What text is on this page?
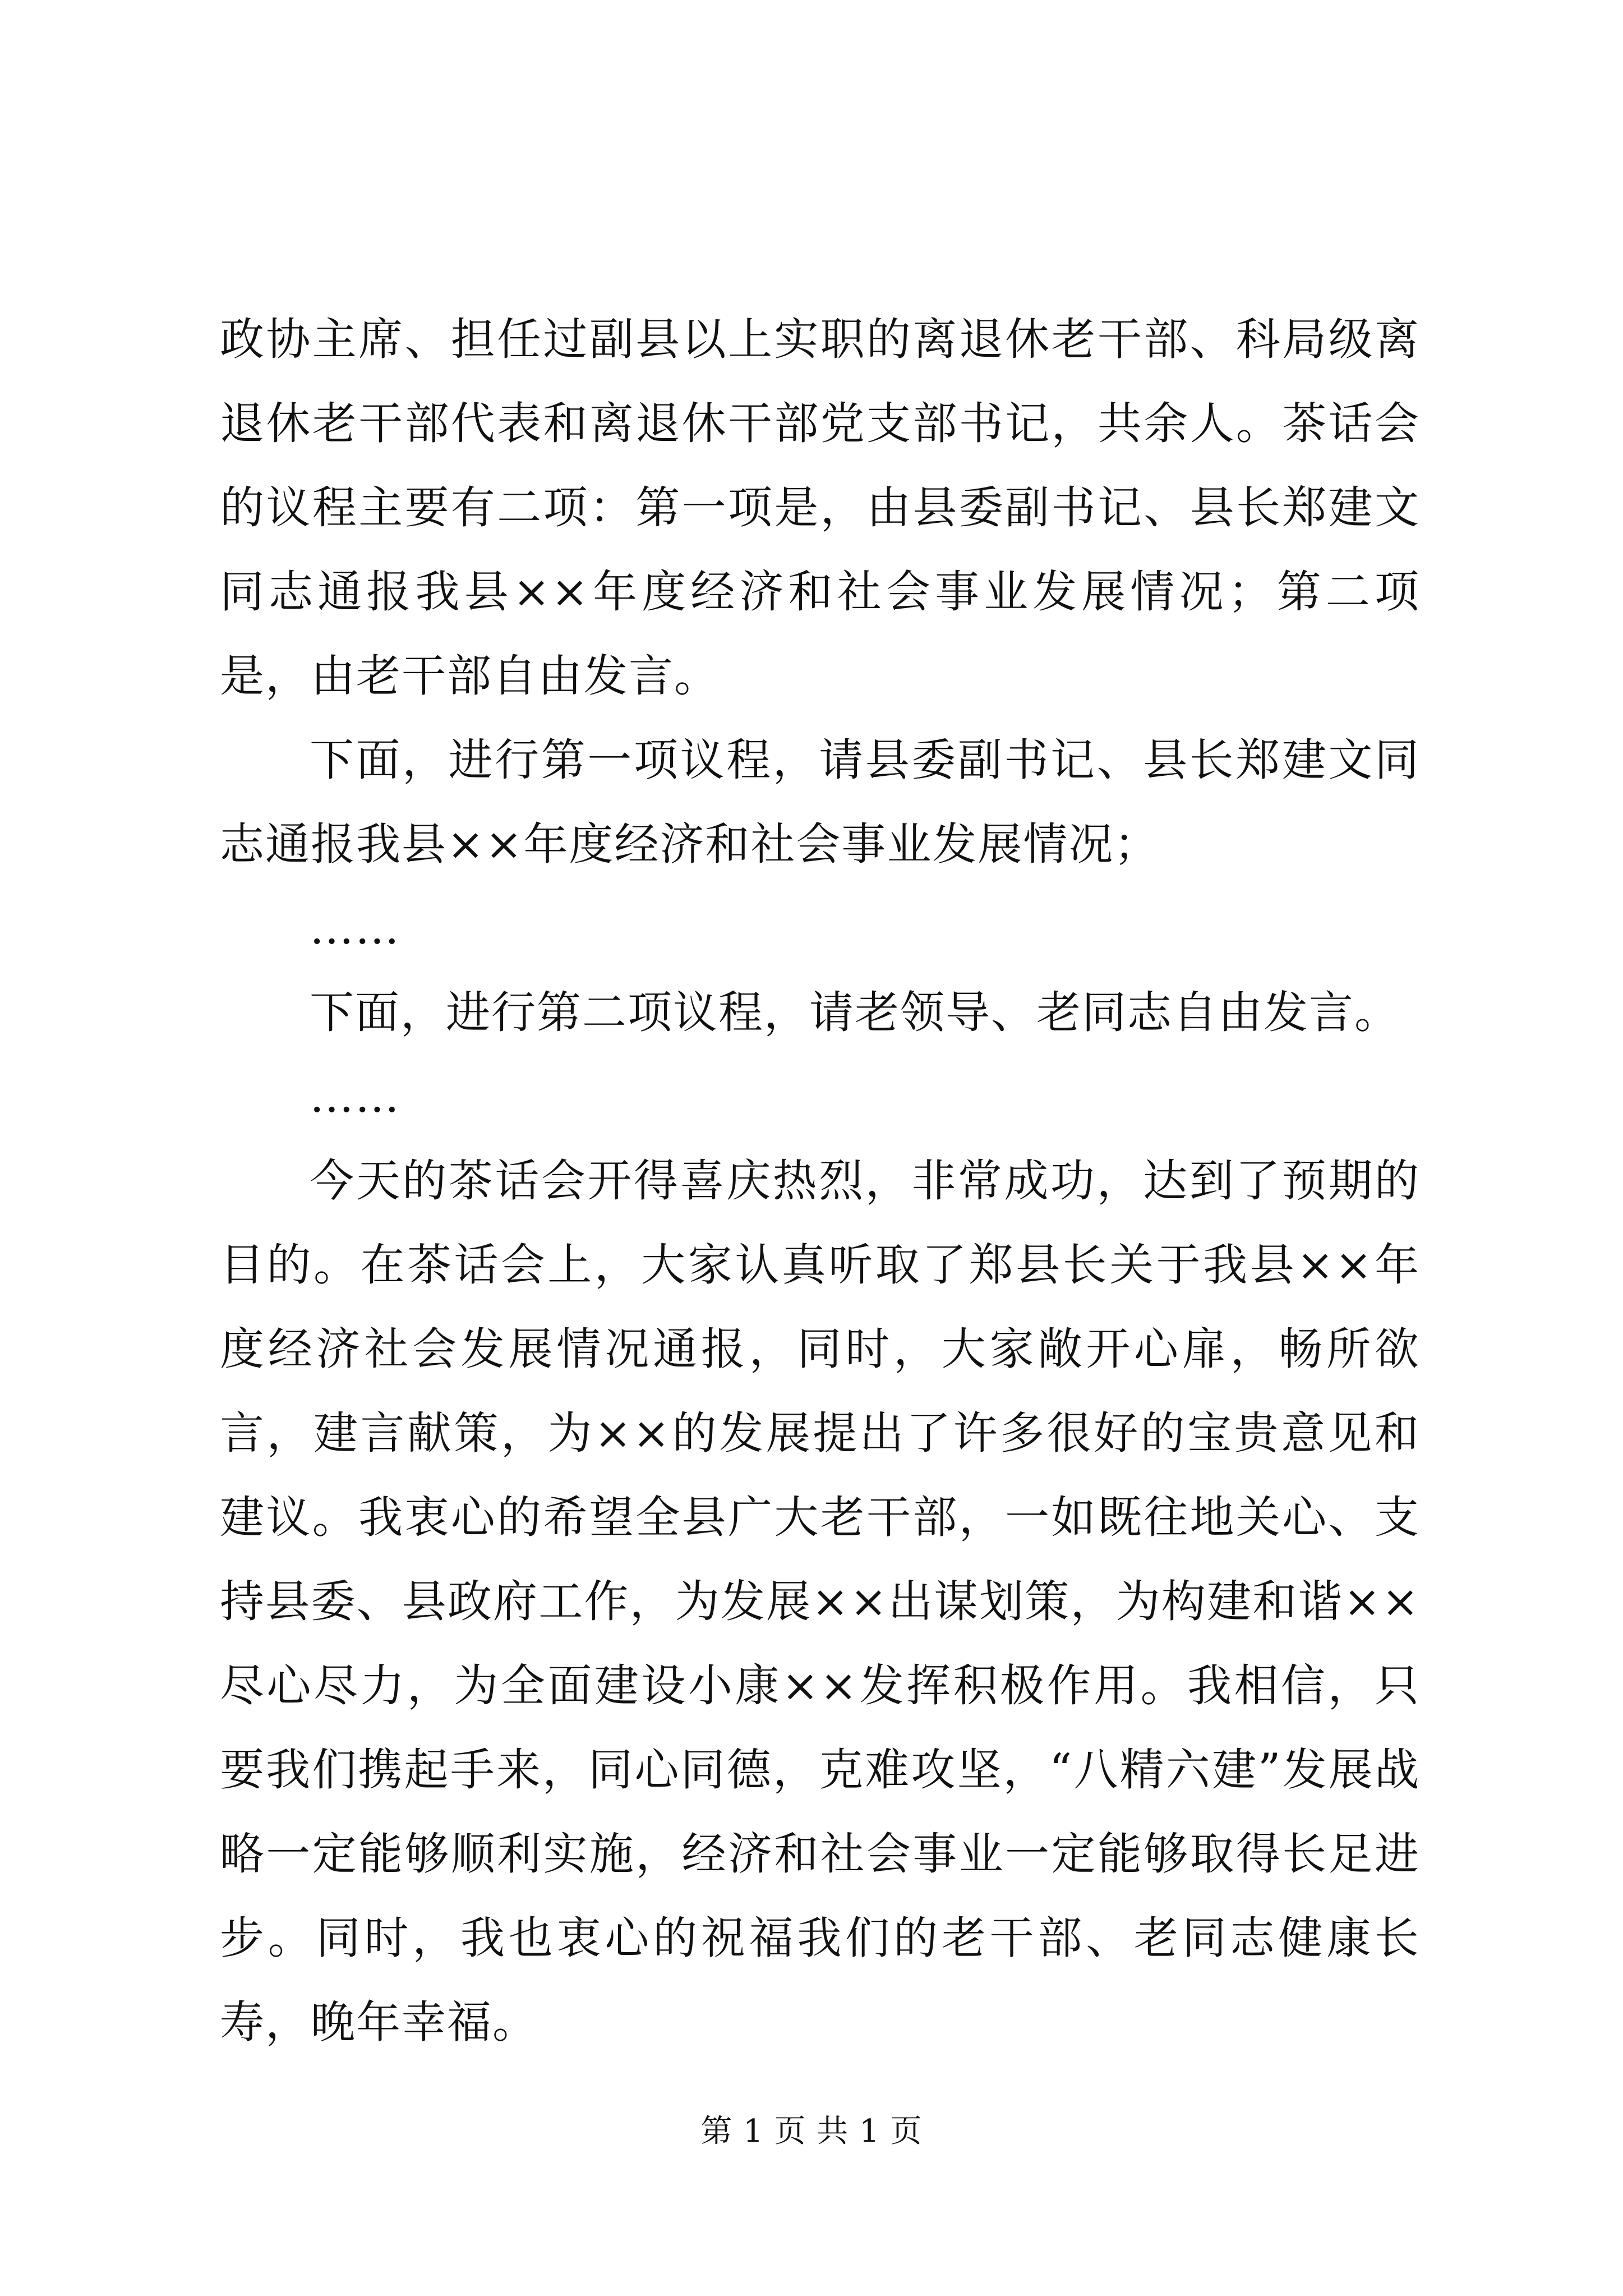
政协主席、担任过副县以上实职的离退休老干部、科局级离退休老干部代表和离退休干部党支部书记，共余人。茶话会的议程主要有二项：第一项是，由县委副书记、县长郑建文同志通报我县××年度经济和社会事业发展情况；第二项是，由老干部自由发言。

下面，进行第一项议程，请县委副书记、县长郑建文同志通报我县××年度经济和社会事业发展情况；

……

下面，进行第二项议程，请老领导、老同志自由发言。

……

今天的茶话会开得喜庆热烈，非常成功，达到了预期的目的。在茶话会上，大家认真听取了郑县长关于我县××年度经济社会发展情况通报，同时，大家敞开心扉，畅所欲言，建言献策，为××的发展提出了许多很好的宝贵意见和建议。我衷心的希望全县广大老干部，一如既往地关心、支持县委、县政府工作，为发展××出谋划策，为构建和谐××尽心尽力，为全面建设小康××发挥积极作用。我相信，只要我们携起手来，同心同德，克难攻坚，“八精六建”发展战略一定能够顺利实施，经济和社会事业一定能够取得长足进步。同时，我也衷心的祝福我们的老干部、老同志健康长寿，晚年幸福。

第 1 页 共 1 页
